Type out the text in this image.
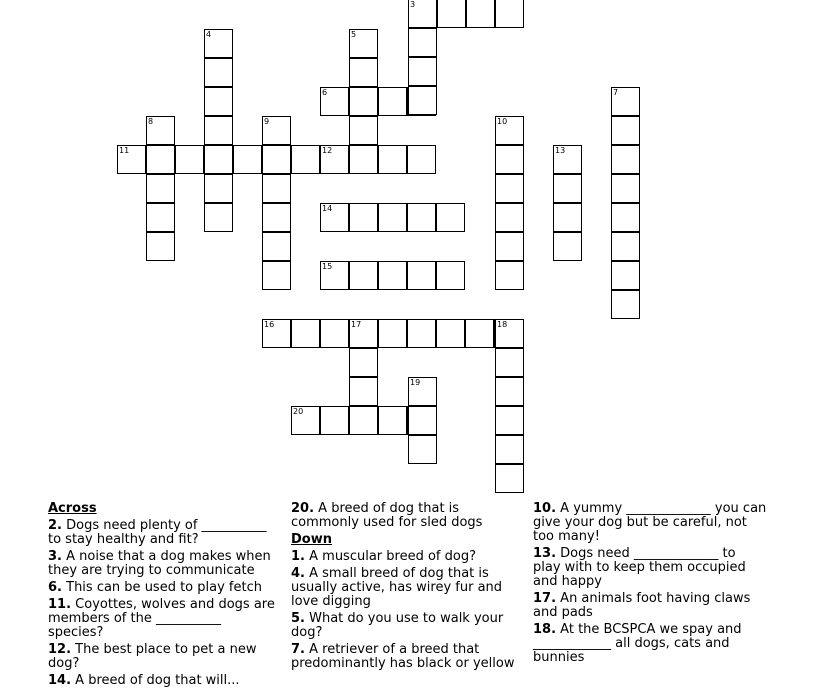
3
6
11	12
14
15
16	17
20
4	5
7
8	9	10
13
18
19
Across
2. Dogs need plenty of __________ to stay healthy and fit?
3. A noise that a dog makes when they are trying to communicate
6. This can be used to play fetch
11. Coyottes, wolves and dogs are members of the __________ species?
12. The best place to pet a new dog?
14. A breed of dog that will...
20. A breed of dog that is commonly used for sled dogs
Down
1. A muscular breed of dog?
4. A small breed of dog that is usually active, has wirey fur and love digging
5. What do you use to walk your dog?
7. A retriever of a breed that predominantly has black or yellow
10. A yummy _____________ you can give your dog but be careful, not too many!
13. Dogs need _____________ to play with to keep them occupied and happy
17. An animals foot having claws and pads
18. At the BCSPCA we spay and ____________ all dogs, cats and bunnies
